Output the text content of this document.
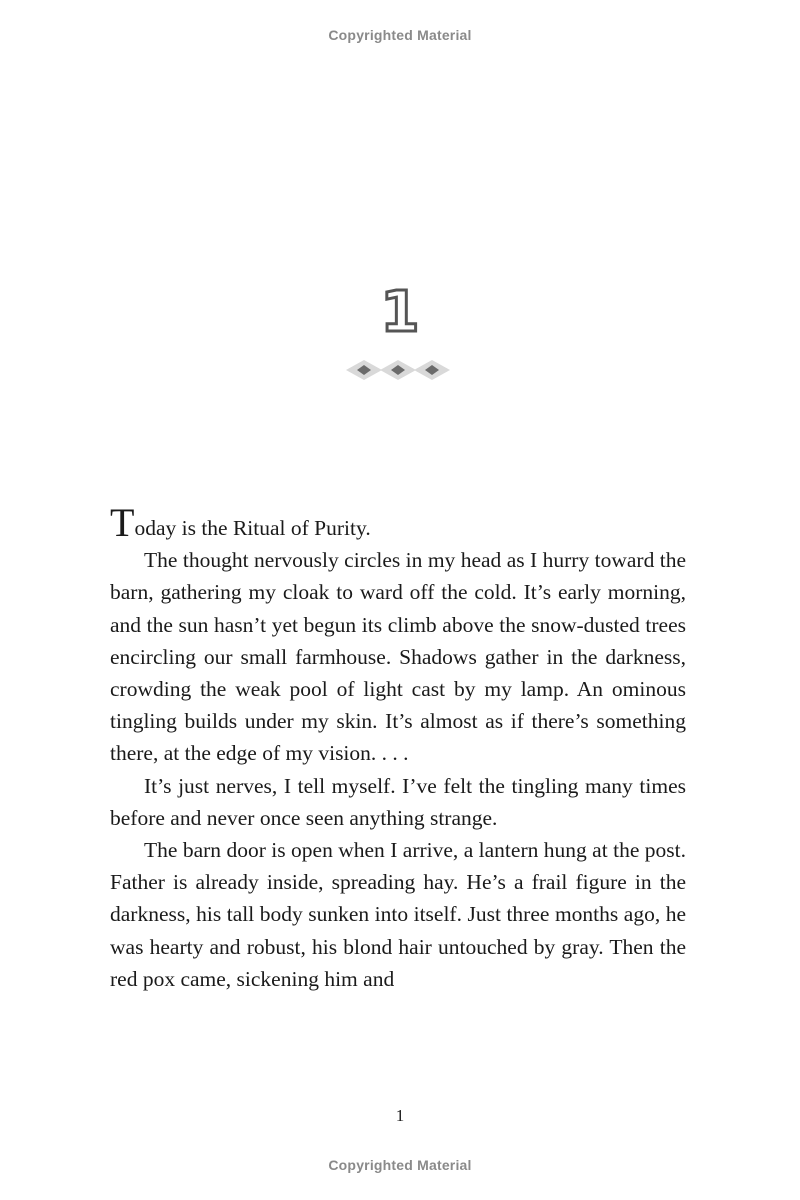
Copyrighted Material
1

Today is the Ritual of Purity.

The thought nervously circles in my head as I hurry toward the barn, gathering my cloak to ward off the cold. It’s early morning, and the sun hasn’t yet begun its climb above the snow-dusted trees encircling our small farmhouse. Shadows gather in the darkness, crowding the weak pool of light cast by my lamp. An ominous tingling builds under my skin. It’s almost as if there’s something there, at the edge of my vision. . . .

It’s just nerves, I tell myself. I’ve felt the tingling many times before and never once seen anything strange.

The barn door is open when I arrive, a lantern hung at the post. Father is already inside, spreading hay. He’s a frail figure in the darkness, his tall body sunken into itself. Just three months ago, he was hearty and robust, his blond hair untouched by gray. Then the red pox came, sickening him and

1
Copyrighted Material
